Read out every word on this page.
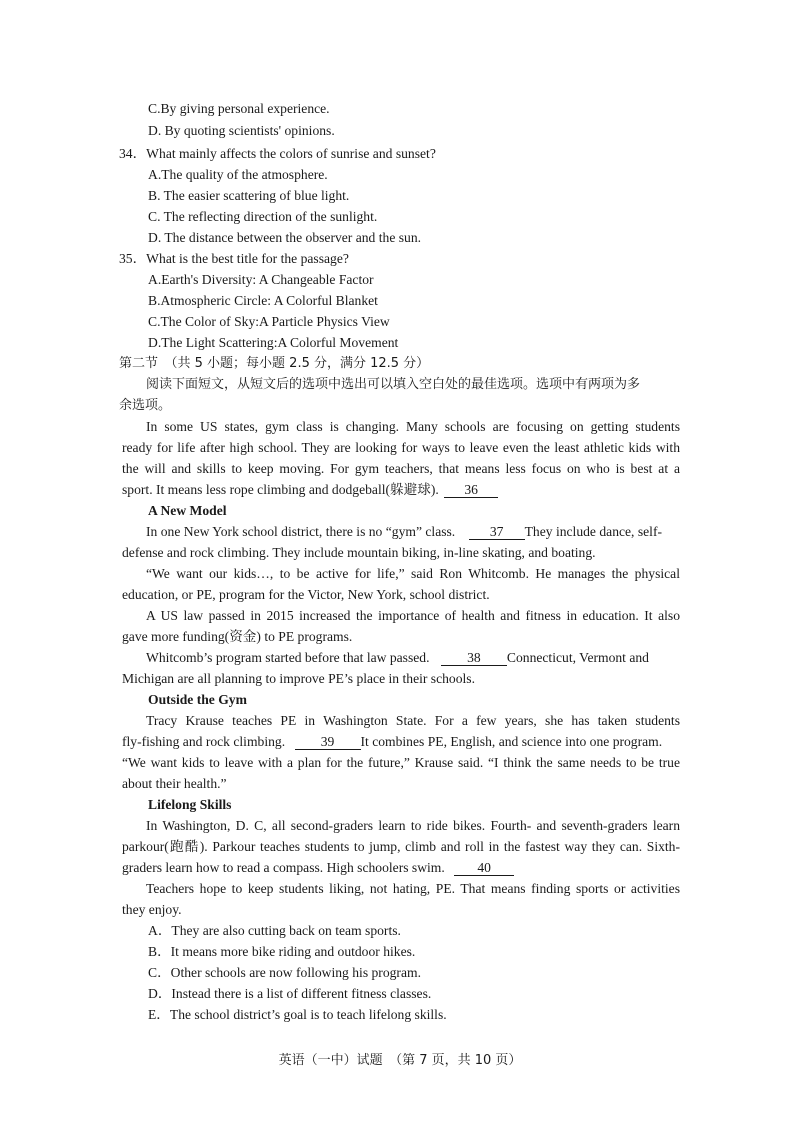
C.By giving personal experience.
D. By quoting scientists' opinions.
34．What mainly affects the colors of sunrise and sunset?
A.The quality of the atmosphere.
B. The easier scattering of blue light.
C. The reflecting direction of the sunlight.
D. The distance between the observer and the sun.
35．What is the best title for the passage?
A.Earth's Diversity: A Changeable Factor
B.Atmospheric Circle: A Colorful Blanket
C.The Color of Sky:A Particle Physics View
D.The Light Scattering:A Colorful Movement
第二节　（共 5 小题；每小题 2.5 分，满分 12.5 分）
阅读下面短文，从短文后的选项中选出可以填入空白处的最佳选项。选项中有两项为多
余选项。
In some US states, gym class is changing. Many schools are focusing on getting students
ready for life after high school. They are looking for ways to leave even the least athletic kids with
the will and skills to keep moving. For gym teachers, that means less focus on who is best at a
sport. It means less rope climbing and dodgeball(躲避球). 36
A New Model
In one New York school district, there is no “gym” class.	37 They include dance, self-
defense and rock climbing. They include mountain biking, in-line skating, and boating.
“We want our kids…, to be active for life,” said Ron Whitcomb. He manages the physical
education, or PE, program for the Victor, New York, school district.
A US law passed in 2015 increased the importance of health and fitness in education. It also
gave more funding(资金) to PE programs.
Whitcomb’s program started before that law passed.	38 Connecticut, Vermont and
Michigan are all planning to improve PE’s place in their schools.
Outside the Gym
Tracy Krause teaches PE in Washington State. For a few years, she has taken students
fly-fishing and rock climbing.	39 It combines PE, English, and science into one program.
“We want kids to leave with a plan for the future,” Krause said. “I think the same needs to be true
about their health.”
Lifelong Skills
In Washington, D. C, all second-graders learn to ride bikes. Fourth- and seventh-graders learn
parkour(跑酷). Parkour teaches students to jump, climb and roll in the fastest way they can. Sixth-
graders learn how to read a compass. High schoolers swim. 40
Teachers hope to keep students liking, not hating, PE. That means finding sports or activities
they enjoy.
A．They are also cutting back on team sports.
B．It means more bike riding and outdoor hikes.
C．Other schools are now following his program.
D．Instead there is a list of different fitness classes.
E．The school district’s goal is to teach lifelong skills.
英语（一中）试题　（第 7 页，共 10 页）
